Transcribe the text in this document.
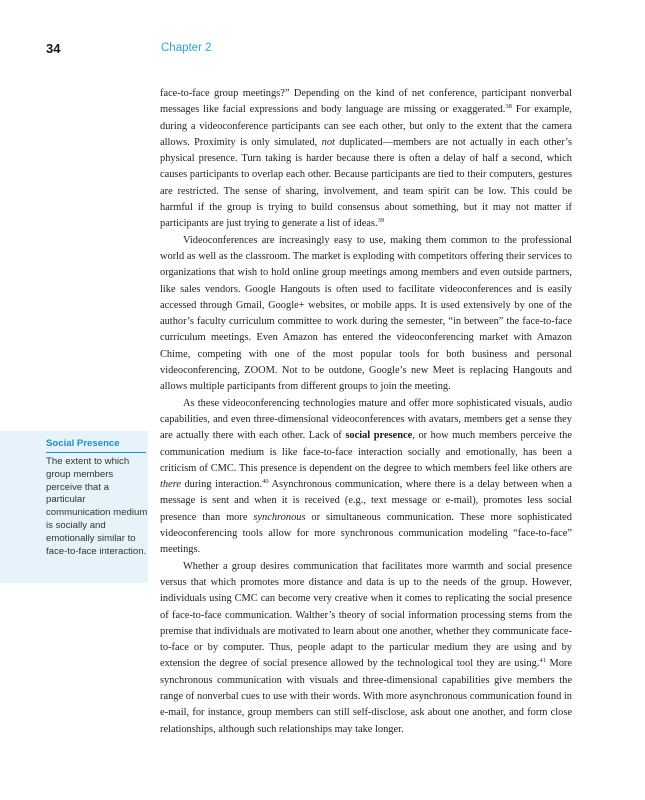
34	Chapter 2

Social Presence

The extent to which group members perceive that a particular communication medium is socially and emotionally similar to face-to-face interaction.

face-to-face group meetings?” Depending on the kind of net conference, participant nonverbal messages like facial expressions and body language are missing or exaggerated.$^{38}$ For example, during a videoconference participants can see each other, but only to the extent that the camera allows. Proximity is only simulated, not duplicated—members are not actually in each other’s physical presence. Turn taking is harder because there is often a delay of half a second, which causes participants to overlap each other. Because participants are tied to their computers, gestures are restricted. The sense of sharing, involvement, and team spirit can be low. This could be harmful if the group is trying to build consensus about something, but it may not matter if participants are just trying to generate a list of ideas.$^{39}$

Videoconferences are increasingly easy to use, making them common to the professional world as well as the classroom. The market is exploding with competitors offering their services to organizations that wish to hold online group meetings among members and even outside partners, like sales vendors. Google Hangouts is often used to facilitate videoconferences and is easily accessed through Gmail, Google+ websites, or mobile apps. It is used extensively by one of the author’s faculty curriculum committee to work during the semester, “in between” the face-to-face curriculum meetings. Even Amazon has entered the videoconferencing market with Amazon Chime, competing with one of the most popular tools for both business and personal videoconferencing, ZOOM. Not to be outdone, Google’s new Meet is replacing Hangouts and allows multiple participants from different groups to join the meeting.

As these videoconferencing technologies mature and offer more sophisticated visuals, audio capabilities, and even three-dimensional videoconferences with avatars, members get a sense they are actually there with each other. Lack of social presence, or how much members perceive the communication medium is like face-to-face interaction socially and emotionally, has been a criticism of CMC. This presence is dependent on the degree to which members feel like others are there during interaction.$^{40}$ Asynchronous communication, where there is a delay between when a message is sent and when it is received (e.g., text message or e-mail), promotes less social presence than more synchronous or simultaneous communication. These more sophisticated videoconferencing tools allow for more synchronous communication modeling “face-to-face” meetings.

Whether a group desires communication that facilitates more warmth and social presence versus that which promotes more distance and data is up to the needs of the group. However, individuals using CMC can become very creative when it comes to replicating the social presence of face-to-face communication. Walther’s theory of social information processing stems from the premise that individuals are motivated to learn about one another, whether they communicate face-to-face or by computer. Thus, people adapt to the particular medium they are using and by extension the degree of social presence allowed by the technological tool they are using.$^{41}$ More synchronous communication with visuals and three-dimensional capabilities give members the range of nonverbal cues to use with their words. With more asynchronous communication found in e-mail, for instance, group members can still self-disclose, ask about one another, and form close relationships, although such relationships may take longer.
